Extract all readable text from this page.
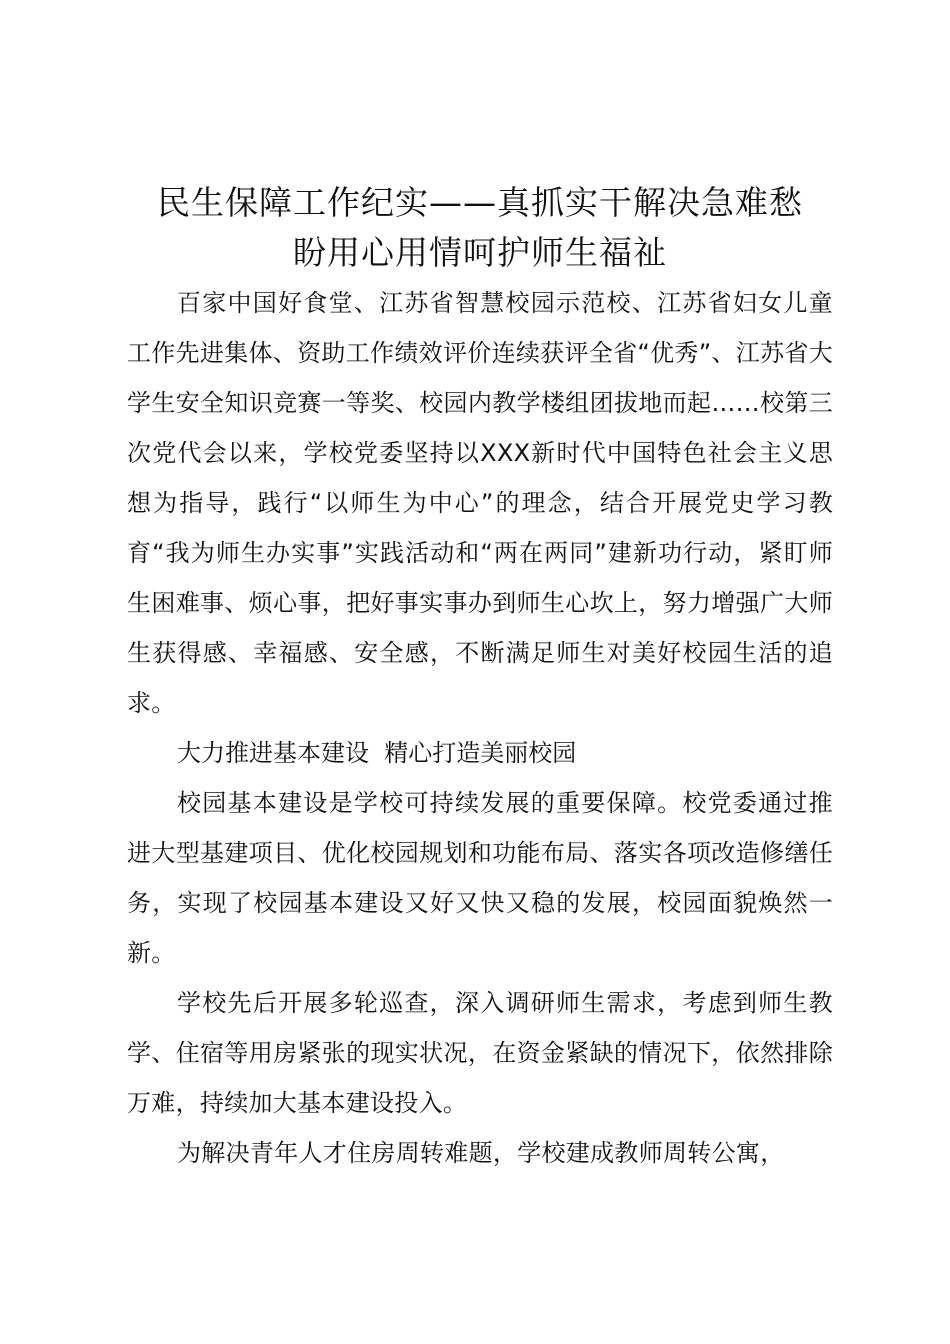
民生保障工作纪实——真抓实干解决急难愁
盼用心用情呵护师生福祉

百家中国好食堂、江苏省智慧校园示范校、江苏省妇女儿童工作先进集体、资助工作绩效评价连续获评全省“优秀”、江苏省大学生安全知识竞赛一等奖、校园内教学楼组团拔地而起……校第三次党代会以来，学校党委坚持以XXX新时代中国特色社会主义思想为指导，践行“以师生为中心”的理念，结合开展党史学习教育“我为师生办实事”实践活动和“两在两同”建新功行动，紧盯师生困难事、烦心事，把好事实事办到师生心坎上，努力增强广大师生获得感、幸福感、安全感，不断满足师生对美好校园生活的追求。

大力推进基本建设  精心打造美丽校园

校园基本建设是学校可持续发展的重要保障。校党委通过推进大型基建项目、优化校园规划和功能布局、落实各项改造修缮任务，实现了校园基本建设又好又快又稳的发展，校园面貌焕然一新。

学校先后开展多轮巡查，深入调研师生需求，考虑到师生教学、住宿等用房紧张的现实状况，在资金紧缺的情况下，依然排除万难，持续加大基本建设投入。

为解决青年人才住房周转难题，学校建成教师周转公寓，
